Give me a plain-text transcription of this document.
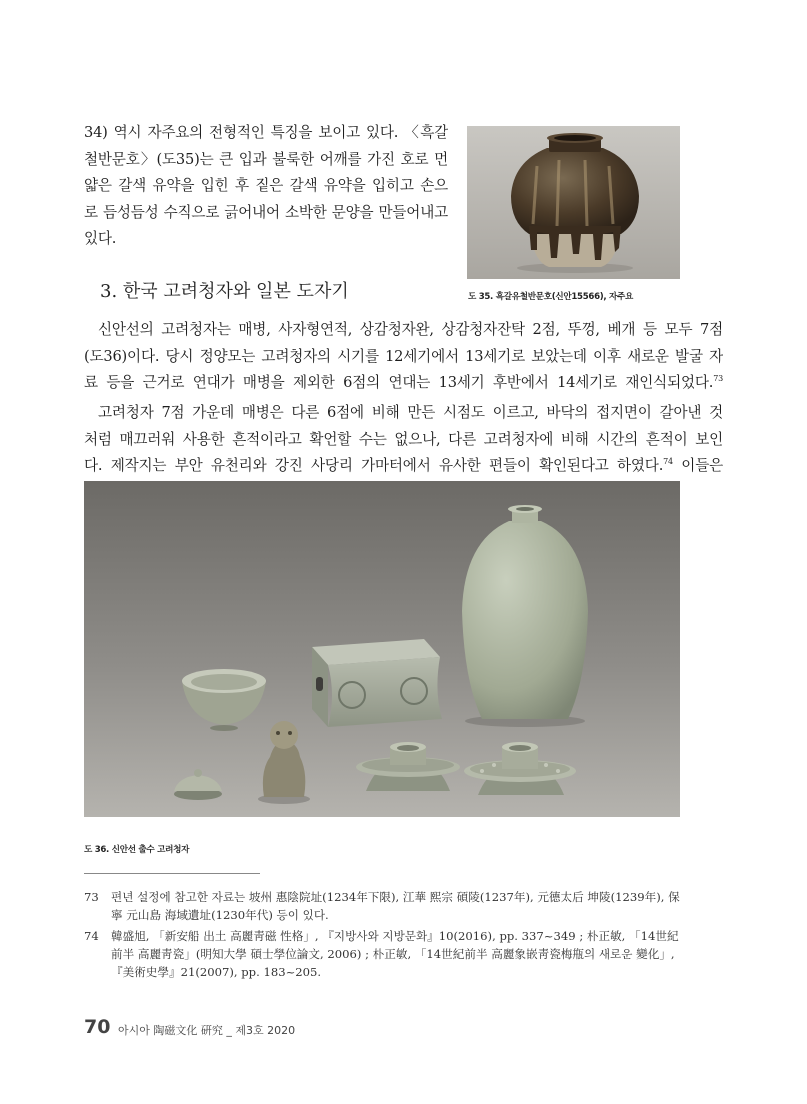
34) 역시 자주요의 전형적인 특징을 보이고 있다. 〈흑갈
철반문호〉(도35)는 큰 입과 불룩한 어깨를 가진 호로 먼
얇은 갈색 유약을 입힌 후 짙은 갈색 유약을 입히고 손으
로 듬성듬성 수직으로 긁어내어 소박한 문양을 만들어내고
있다.
도 35. 흑갈유철반문호(신안15566), 자주요
3. 한국 고려청자와 일본 도자기
신안선의 고려청자는 매병, 사자형연적, 상감청자완, 상감청자잔탁 2점, 뚜껑, 베개 등 모두 7점
(도36)이다. 당시 정양모는 고려청자의 시기를 12세기에서 13세기로 보았는데 이후 새로운 발굴 자
료 등을 근거로 연대가 매병을 제외한 6점의 연대는 13세기 후반에서 14세기로 재인식되었다.$^{73}$
고려청자 7점 가운데 매병은 다른 6점에 비해 만든 시점도 이르고, 바닥의 접지면이 갈아낸 것
처럼 매끄러워 사용한 흔적이라고 확언할 수는 없으나, 다른 고려청자에 비해 시간의 흔적이 보인
다. 제작지는 부안 유천리와 강진 사당리 가마터에서 유사한 편들이 확인된다고 하였다.$^{74}$ 이들은
도 36. 신안선 출수 고려청자
73 편년 설정에 참고한 자료는 坡州 惠陰院址(1234年下限), 江華 熙宗 碩陵(1237年), 元德太后 坤陵(1239年), 保寧 元山島 海域遺址(1230年代) 등이 있다.
74 韓盛旭, 「新安船 出土 高麗靑磁 性格」, 『지방사와 지방문화』10(2016), pp. 337~349 ; 朴正敏, 「14世紀前半 高麗靑瓷」(明知大學 碩士學位論文, 2006) ; 朴正敏, 「14世紀前半 高麗象嵌靑瓷梅甁의 새로운 變化」, 『美術史學』21(2007), pp. 183~205.
70 아시아 陶磁文化 硏究 _ 제3호 2020
